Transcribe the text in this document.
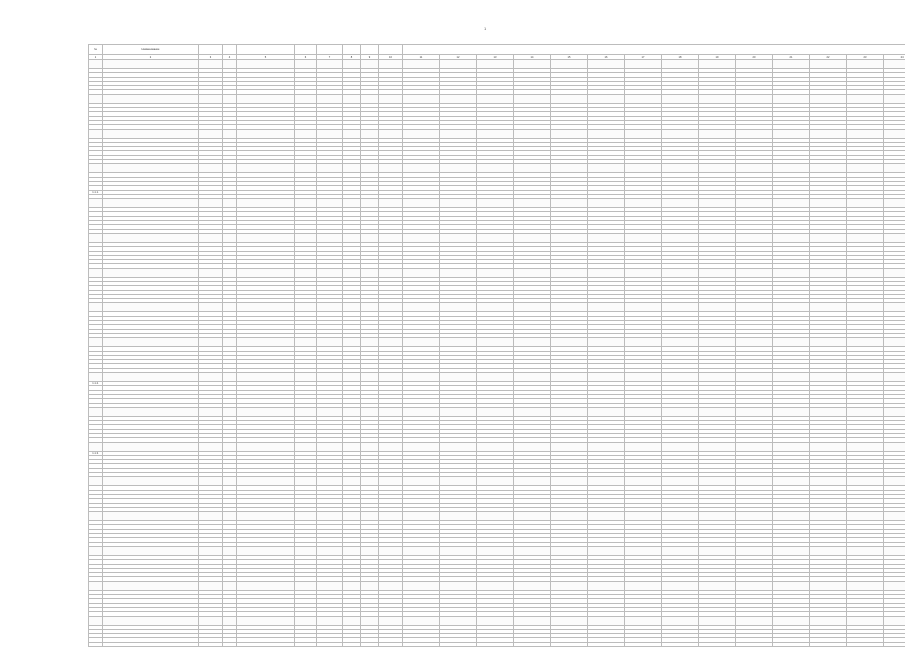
1
№	Наименование																						
1	2	3	4	5	6	7	8	9	10	11	12	13	14	15	16	17	18	19	20	21	22	23	24

1.1.1.																							

1.1.2.																							

1.1.3.																							
